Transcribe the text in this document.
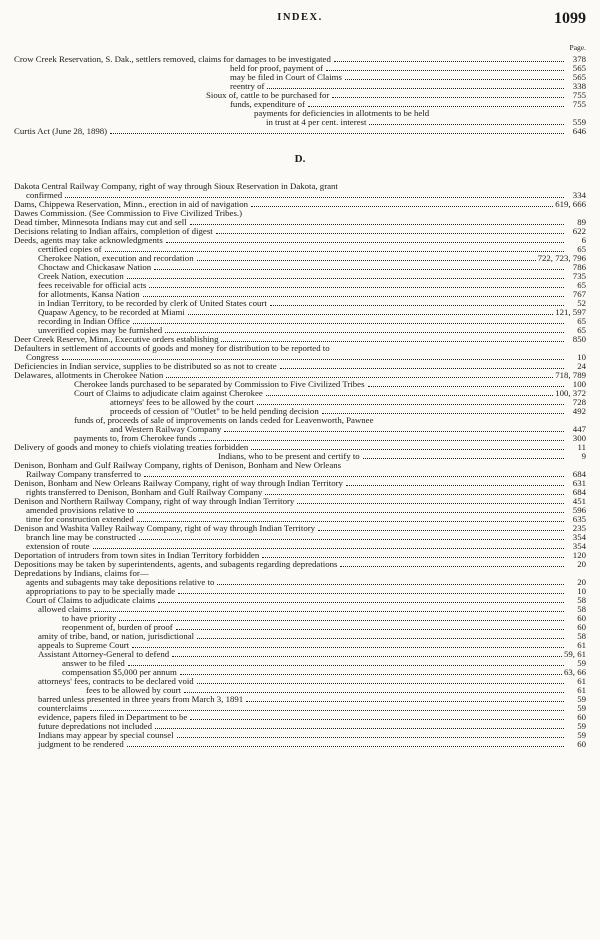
INDEX.	1099
Page.
Crow Creek Reservation, S. Dak., settlers removed, claims for damages to be investigated	378
held for proof, payment of	565
may be filed in Court of Claims	565
reentry of	338
Sioux of, cattle to be purchased for	755
funds, expenditure of	755
payments for deficiencies in allotments to be held
in trust at 4 per cent. interest	559
Curtis Act (June 28, 1898)	646
D.
Dakota Central Railway Company, right of way through Sioux Reservation in Dakota, grant
confirmed	334
Dams, Chippewa Reservation, Minn., erection in aid of navigation	619, 666
Dawes Commission. (See Commission to Five Civilized Tribes.)
Dead timber, Minnesota Indians may cut and sell	89
Decisions relating to Indian affairs, completion of digest	622
Deeds, agents may take acknowledgments	6
certified copies of	65
Cherokee Nation, execution and recordation	722, 723, 796
Choctaw and Chickasaw Nation	786
Creek Nation, execution	735
fees receivable for official acts	65
for allotments, Kansa Nation	767
in Indian Territory, to be recorded by clerk of United States court	52
Quapaw Agency, to be recorded at Miami	121, 597
recording in Indian Office	65
unverified copies may be furnished	65
Deer Creek Reserve, Minn., Executive orders establishing	850
Defaulters in settlement of accounts of goods and money for distribution to be reported to
Congress	10
Deficiencies in Indian service, supplies to be distributed so as not to create	24
Delawares, allotments in Cherokee Nation	718, 789
Cherokee lands purchased to be separated by Commission to Five Civilized Tribes	100
Court of Claims to adjudicate claim against Cherokee	100, 372
attorneys' fees to be allowed by the court	728
proceeds of cession of "Outlet" to be held pending decision	492
funds of, proceeds of sale of improvements on lands ceded for Leavenworth, Pawnee
and Western Railway Company	447
payments to, from Cherokee funds	300
Delivery of goods and money to chiefs violating treaties forbidden	11
Indians, who to be present and certify to	9
Denison, Bonham and Gulf Railway Company, rights of Denison, Bonham and New Orleans
Railway Company transferred to	684
Denison, Bonham and New Orleans Railway Company, right of way through Indian Territory	631
rights transferred to Denison, Bonham and Gulf Railway Company	684
Denison and Northern Railway Company, right of way through Indian Territory	451
amended provisions relative to	596
time for construction extended	635
Denison and Washita Valley Railway Company, right of way through Indian Territory	235
branch line may be constructed	354
extension of route	354
Deportation of intruders from town sites in Indian Territory forbidden	120
Depositions may be taken by superintendents, agents, and subagents regarding depredations	20
Depredations by Indians, claims for—
agents and subagents may take depositions relative to	20
appropriations to pay to be specially made	10
Court of Claims to adjudicate claims	58
allowed claims	58
to have priority	60
reopenment of, burden of proof	60
amity of tribe, band, or nation, jurisdictional	58
appeals to Supreme Court	61
Assistant Attorney-General to defend	59, 61
answer to be filed	59
compensation $5,000 per annum	63, 66
attorneys' fees, contracts to be declared void	61
fees to be allowed by court	61
barred unless presented in three years from March 3, 1891	59
counterclaims	59
evidence, papers filed in Department to be	60
future depredations not included	59
Indians may appear by special counsel	59
judgment to be rendered	60
